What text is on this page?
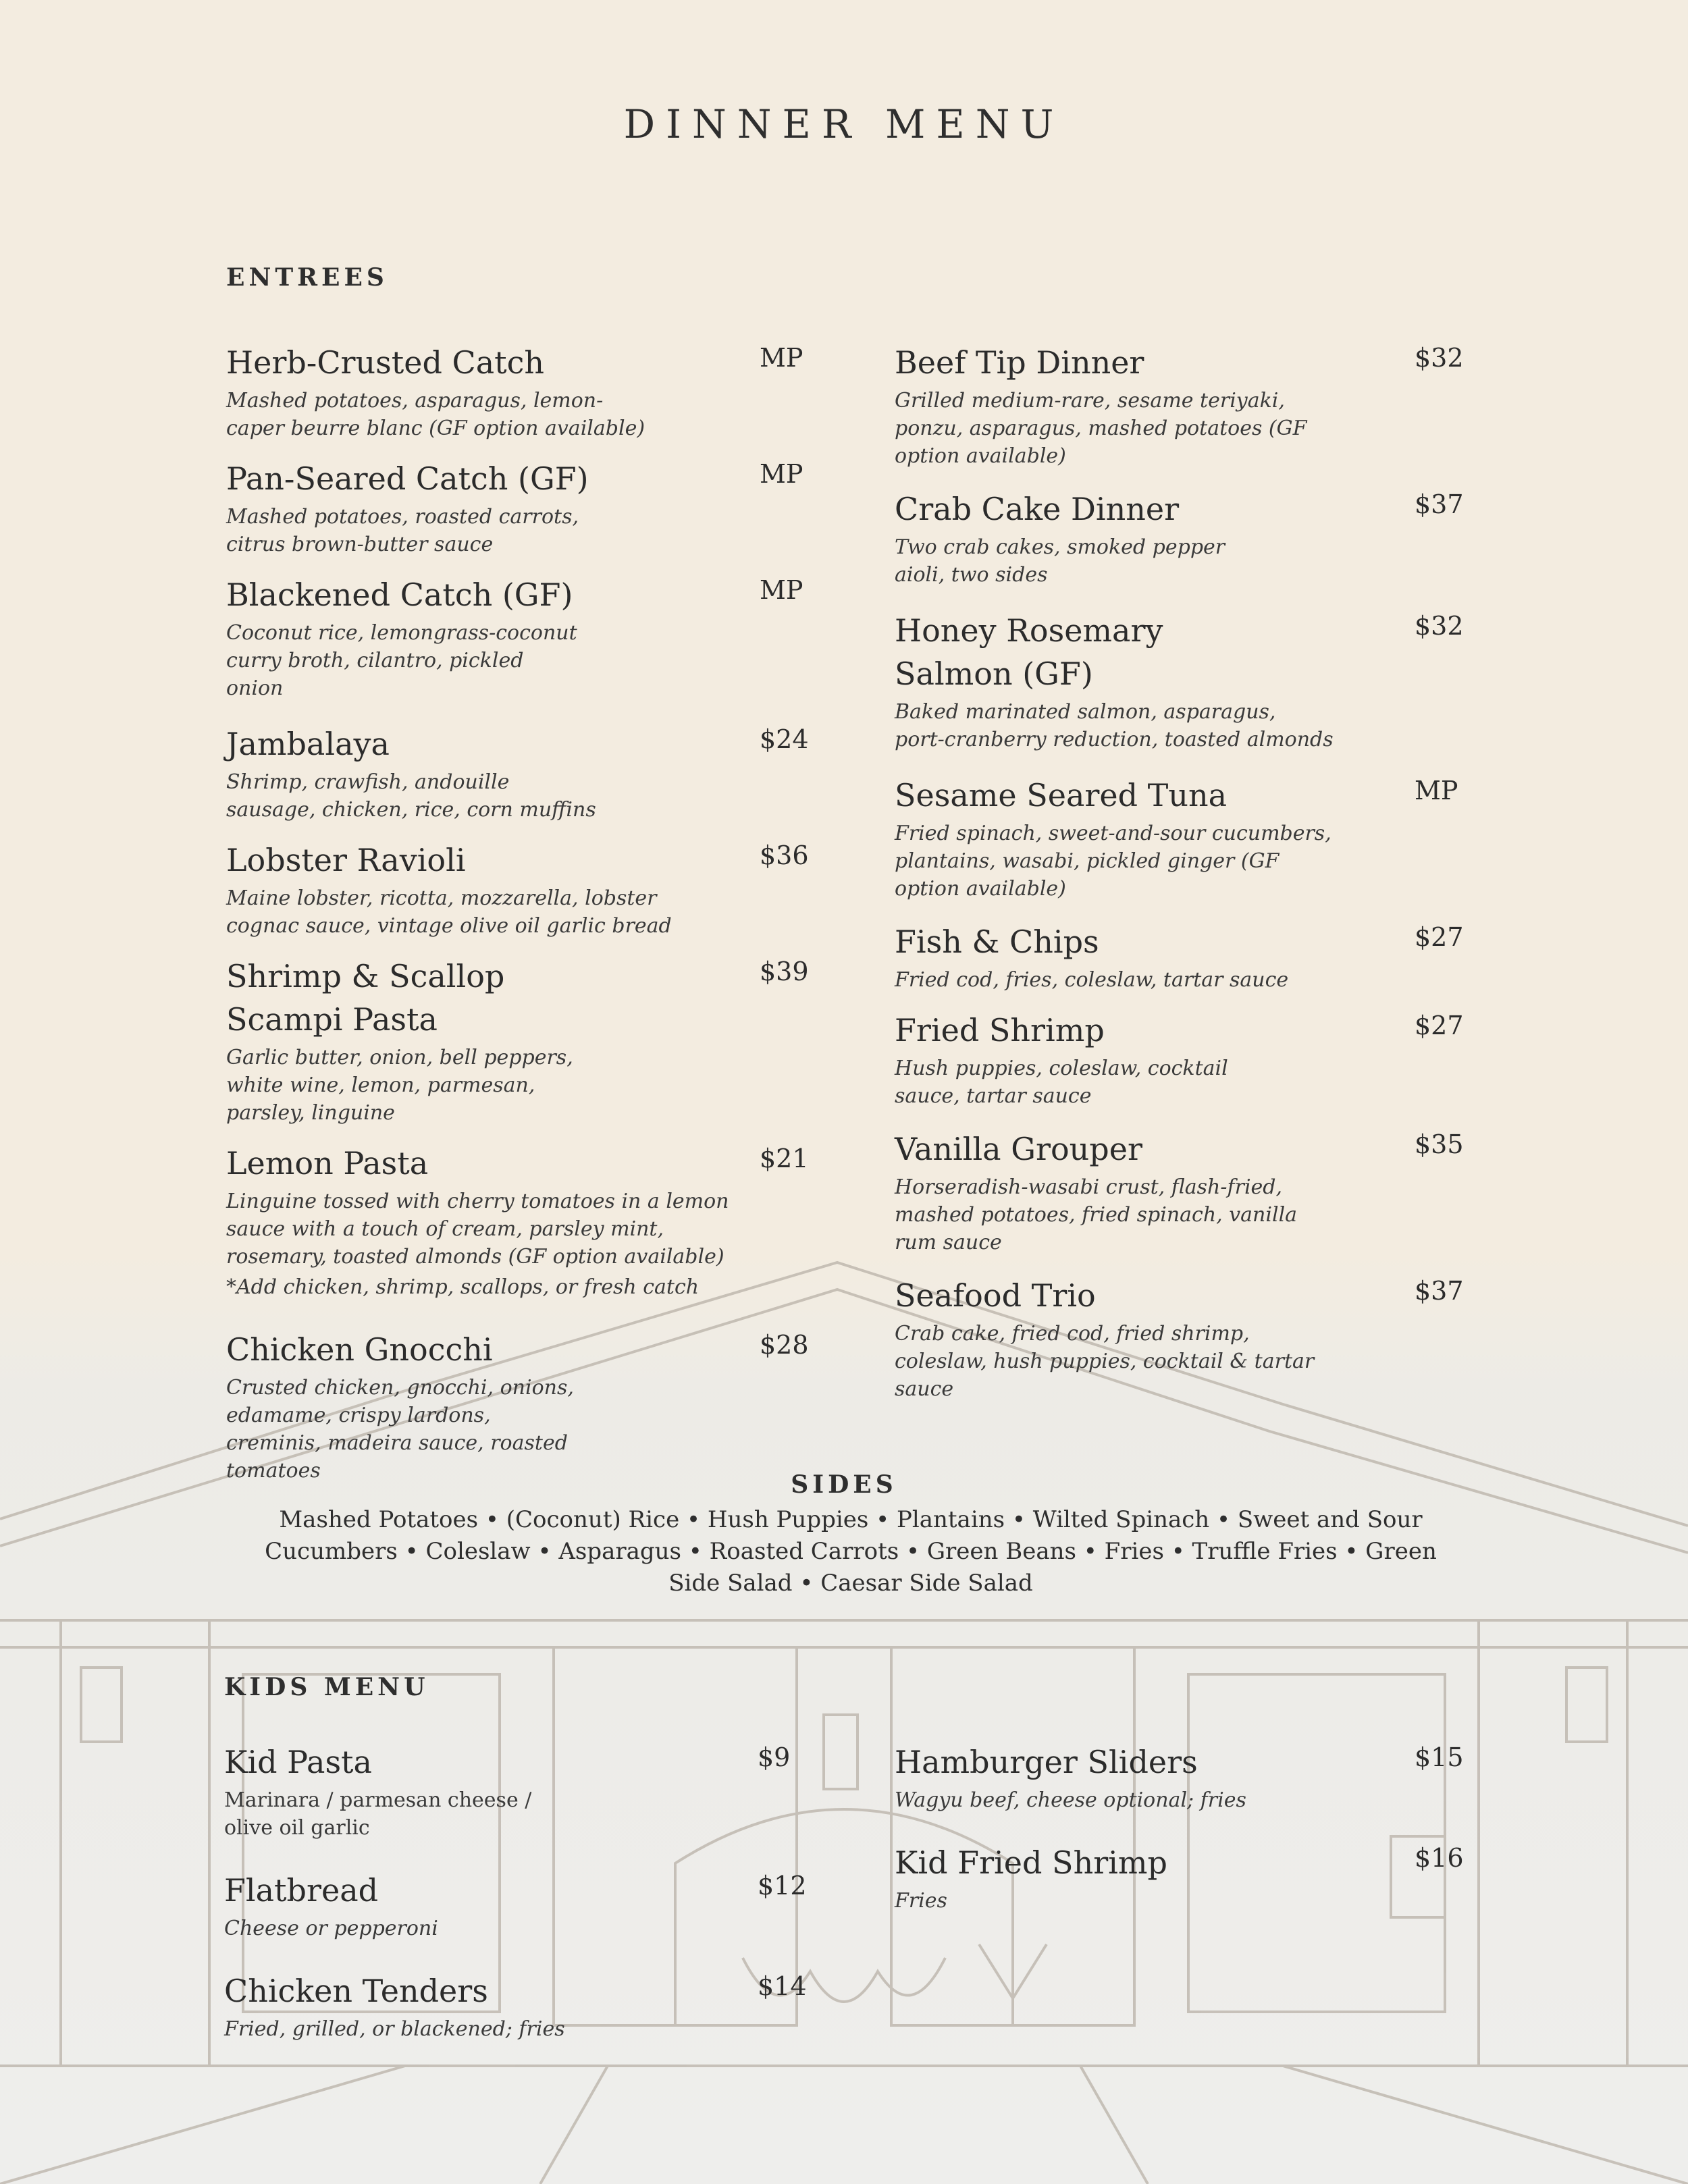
DINNER MENU
ENTREES
Herb-Crusted Catch	MP
Mashed potatoes, asparagus, lemon-
caper beurre blanc (GF option available)
Pan-Seared Catch (GF)	MP
Mashed potatoes, roasted carrots,
citrus brown-butter sauce
Blackened Catch (GF)	MP
Coconut rice, lemongrass-coconut
curry broth, cilantro, pickled
onion
Jambalaya	$24
Shrimp, crawfish, andouille
sausage, chicken, rice, corn muffins
Lobster Ravioli	$36
Maine lobster, ricotta, mozzarella, lobster
cognac sauce, vintage olive oil garlic bread
Shrimp & Scallop
Scampi Pasta
$39
Garlic butter, onion, bell peppers,
white wine, lemon, parmesan,
parsley, linguine
Lemon Pasta	$21
Linguine tossed with cherry tomatoes in a lemon
sauce with a touch of cream, parsley mint,
rosemary, toasted almonds (GF option available)
*Add chicken, shrimp, scallops, or fresh catch
Chicken Gnocchi	$28
Crusted chicken, gnocchi, onions,
edamame, crispy lardons,
creminis, madeira sauce, roasted
tomatoes
Beef Tip Dinner	$32
Grilled medium-rare, sesame teriyaki,
ponzu, asparagus, mashed potatoes (GF
option available)
Crab Cake Dinner	$37
Two crab cakes, smoked pepper
aioli, two sides
Honey Rosemary
Salmon (GF)
$32
Baked marinated salmon, asparagus,
port-cranberry reduction, toasted almonds
Sesame Seared Tuna	MP
Fried spinach, sweet-and-sour cucumbers,
plantains, wasabi, pickled ginger (GF
option available)
Fish & Chips	$27
Fried cod, fries, coleslaw, tartar sauce
Fried Shrimp	$27
Hush puppies, coleslaw, cocktail
sauce, tartar sauce
Vanilla Grouper	$35
Horseradish-wasabi crust, flash-fried,
mashed potatoes, fried spinach, vanilla
rum sauce
Seafood Trio	$37
Crab cake, fried cod, fried shrimp,
coleslaw, hush puppies, cocktail & tartar
sauce
SIDES
Mashed Potatoes • (Coconut) Rice • Hush Puppies • Plantains • Wilted Spinach • Sweet and Sour Cucumbers • Coleslaw • Asparagus • Roasted Carrots • Green Beans • Fries • Truffle Fries • Green Side Salad • Caesar Side Salad
KIDS MENU
Kid Pasta	$9
Marinara / parmesan cheese /
olive oil garlic
Flatbread	$12
Cheese or pepperoni
Chicken Tenders	$14
Fried, grilled, or blackened; fries
Hamburger Sliders	$15
Wagyu beef, cheese optional; fries
Kid Fried Shrimp	$16
Fries
